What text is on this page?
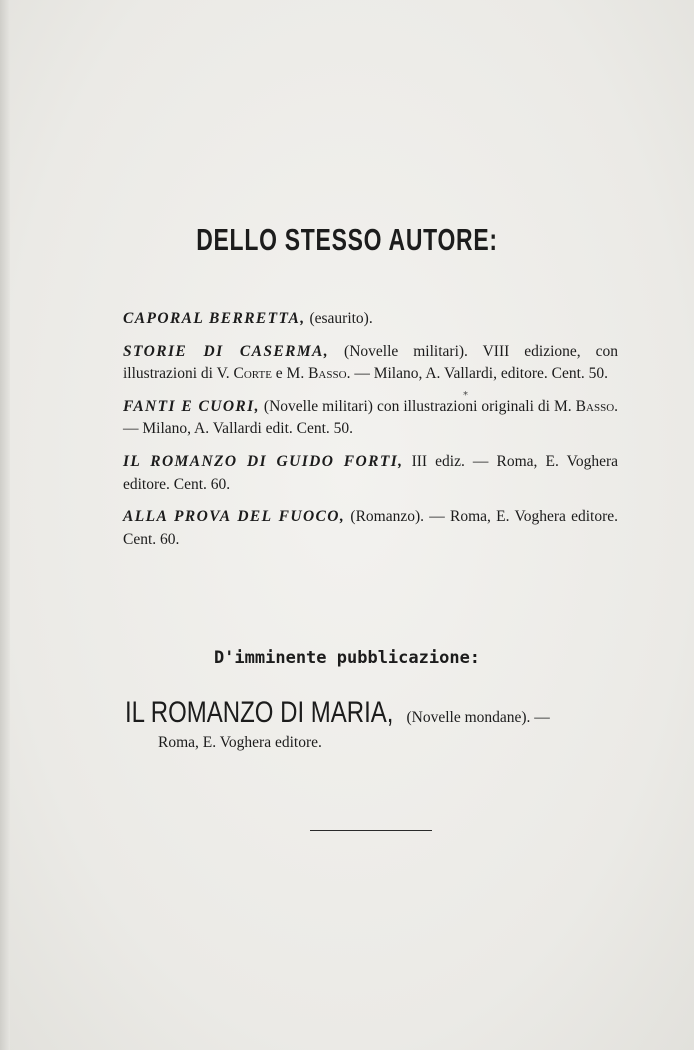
DELLO STESSO AUTORE:
CAPORAL BERRETTA, (esaurito).
STORIE DI CASERMA, (Novelle militari). VIII edizione, con illustrazioni di V. Corte e M. Basso. — Milano, A. Vallardi, editore. Cent. 50.
FANTI E CUORI, (Novelle militari) con illustrazioni originali di M. Basso. — Milano, A. Vallardi edit. Cent. 50.
IL ROMANZO DI GUIDO FORTI, III ediz. — Roma, E. Voghera editore. Cent. 60.
ALLA PROVA DEL FUOCO, (Romanzo). — Roma, E. Voghera editore. Cent. 60.
*
D'imminente pubblicazione:
IL ROMANZO DI MARIA, (Novelle mondane). —
Roma, E. Voghera editore.
